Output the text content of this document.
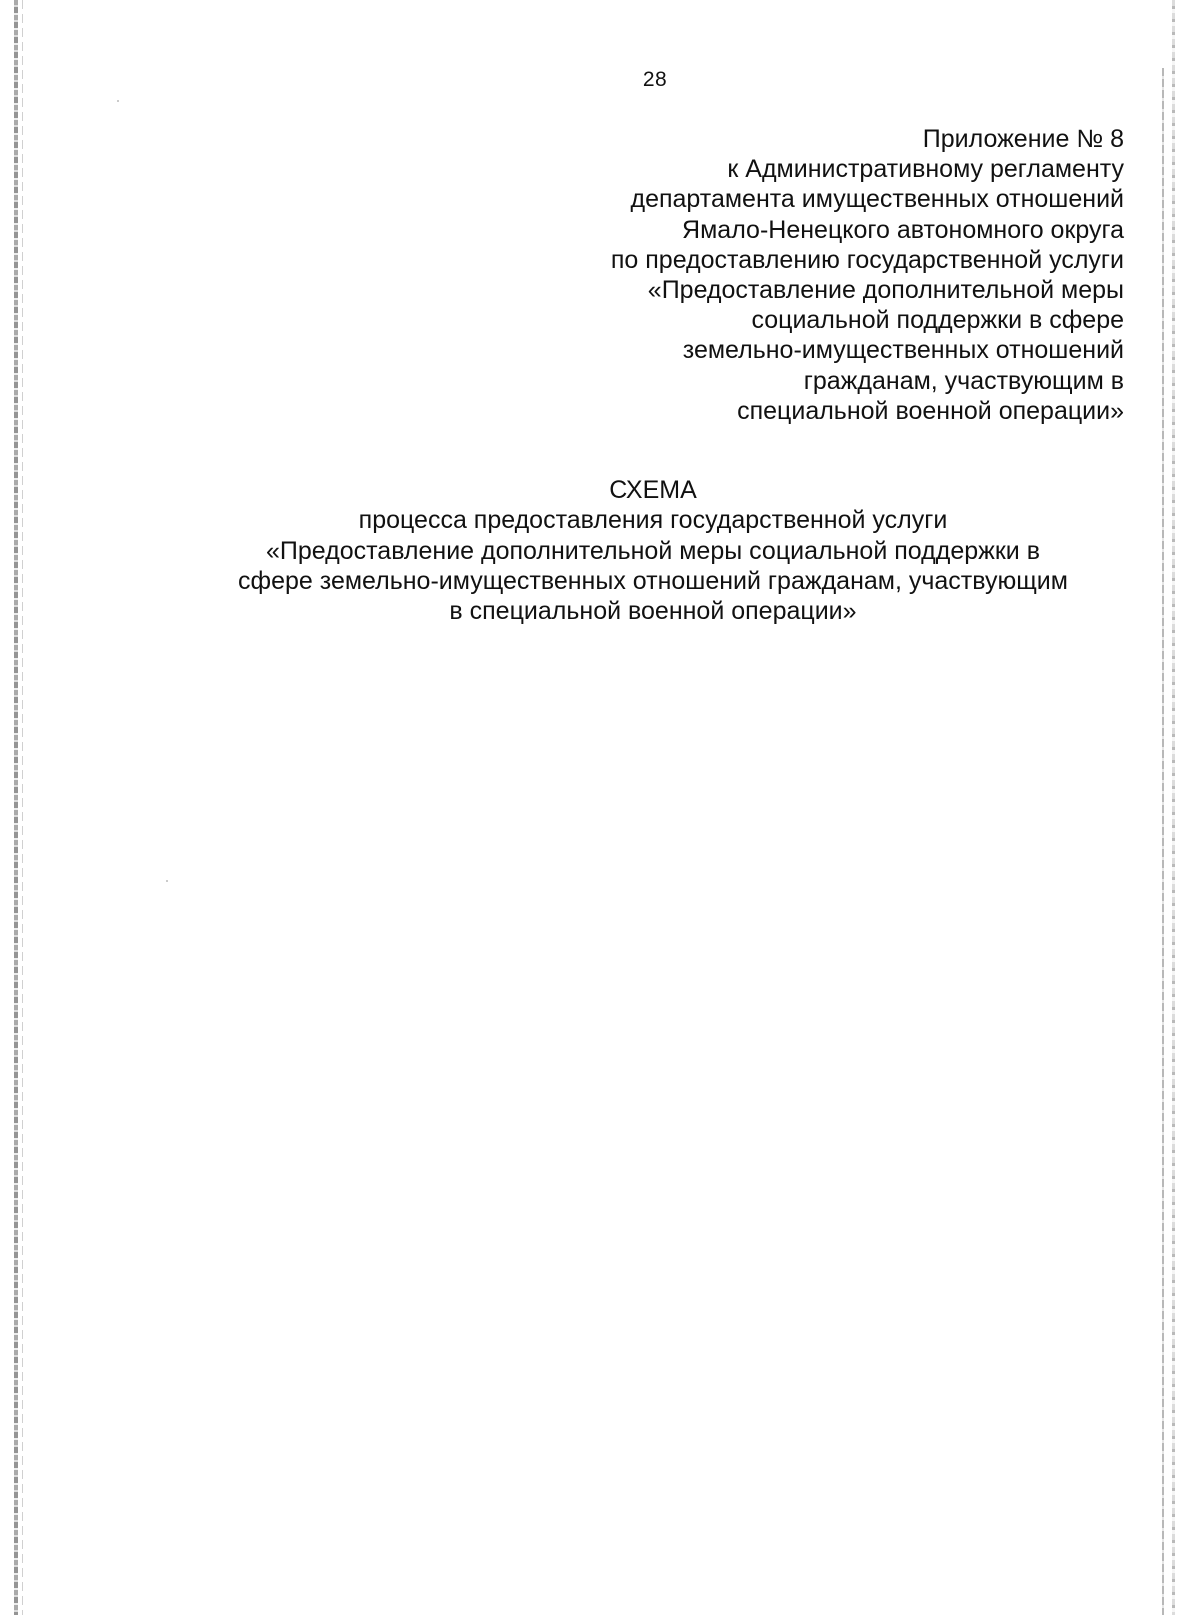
28
Приложение № 8
к Административному регламенту
департамента имущественных отношений
Ямало-Ненецкого автономного округа
по предоставлению государственной услуги
«Предоставление дополнительной меры
социальной поддержки в сфере
земельно-имущественных отношений
гражданам, участвующим в
специальной военной операции»
СХЕМА
процесса предоставления государственной услуги
«Предоставление дополнительной меры социальной поддержки в
сфере земельно-имущественных отношений гражданам, участвующим
в специальной военной операции»
